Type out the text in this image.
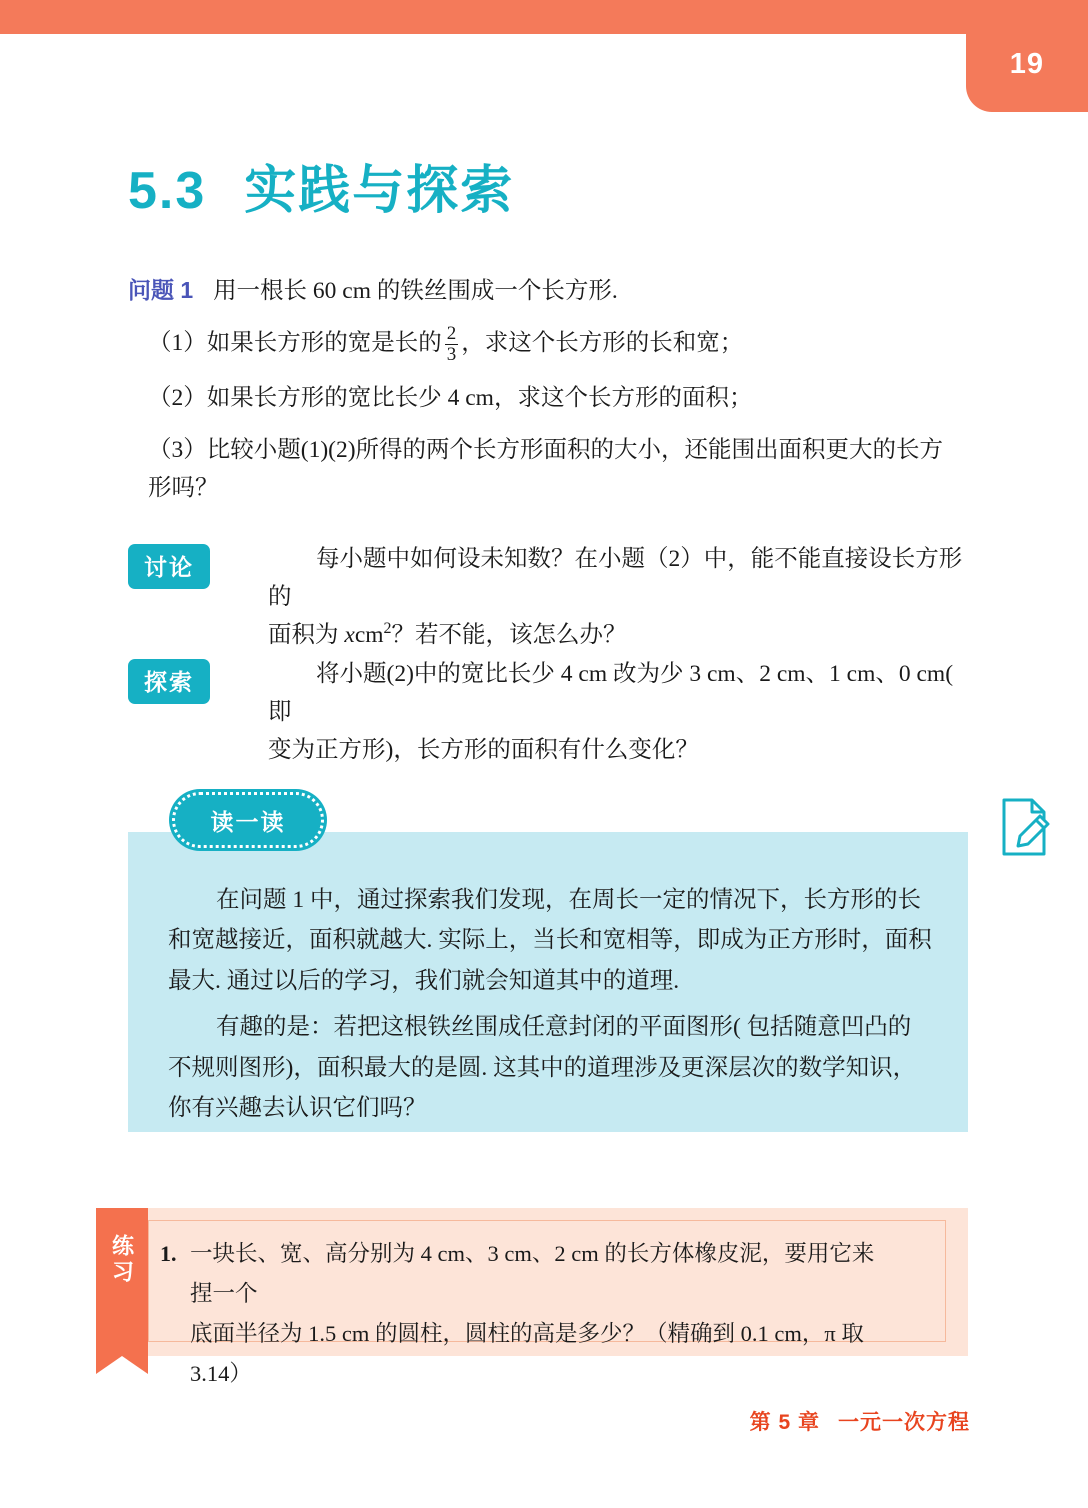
19
5.3 实践与探索
问题 1 用一根长 60 cm 的铁丝围成一个长方形.
（1）如果长方形的宽是长的 $\frac{2}{3}$ ，求这个长方形的长和宽；
（2）如果长方形的宽比长少 4 cm，求这个长方形的面积；
（3）比较小题(1)(2)所得的两个长方形面积的大小，还能围出面积更大的长方形吗？
讨论	每小题中如何设未知数？在小题（2）中，能不能直接设长方形的
面积为 xcm$^2$？若不能，该怎么办？
探索	将小题(2)中的宽比长少 4 cm 改为少 3 cm、2 cm、1 cm、0 cm( 即
变为正方形)，长方形的面积有什么变化？

在问题 1 中，通过探索我们发现，在周长一定的情况下，长方形的长和宽越接近，面积就越大. 实际上，当长和宽相等，即成为正方形时，面积最大. 通过以后的学习，我们就会知道其中的道理.

有趣的是：若把这根铁丝围成任意封闭的平面图形( 包括随意凹凸的不规则图形)，面积最大的是圆. 这其中的道理涉及更深层次的数学知识，你有兴趣去认识它们吗？

读一读
1. 一块长、宽、高分别为 4 cm、3 cm、2 cm 的长方体橡皮泥，要用它来捏一个
底面半径为 1.5 cm 的圆柱，圆柱的高是多少？（精确到 0.1 cm，π 取 3.14）
练习
第 5 章 一元一次方程
